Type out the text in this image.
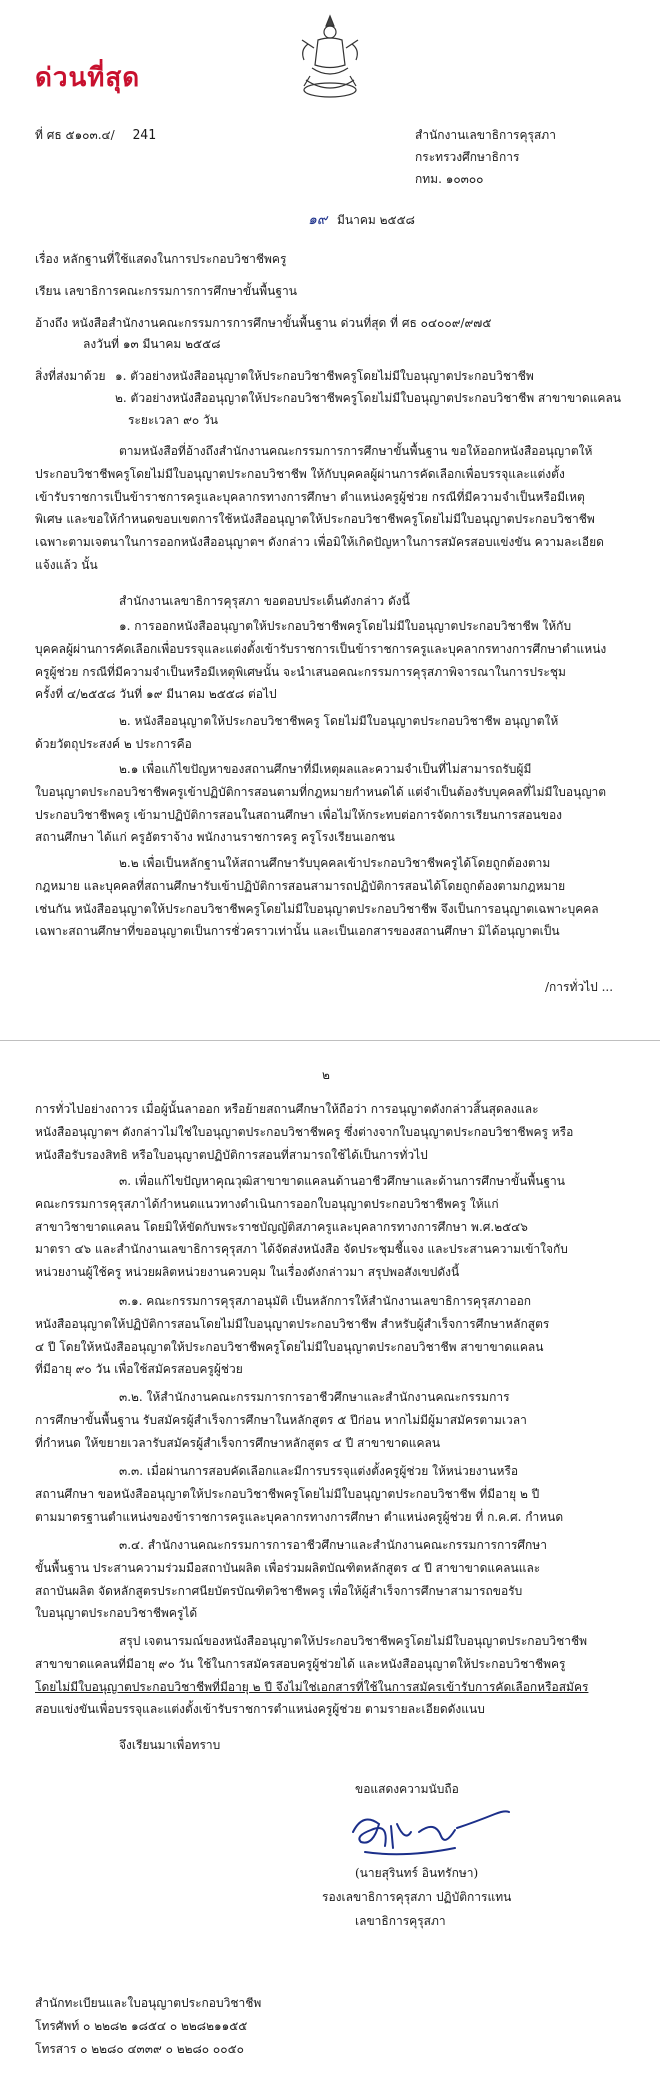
ด่วนที่สุด
ที่ ศธ ๕๑๐๓.๔/ 241	สำนักงานเลขาธิการคุรุสภา
กระทรวงศึกษาธิการ
กทม. ๑๐๓๐๐
๑๙ มีนาคม ๒๕๕๘
เรื่อง หลักฐานที่ใช้แสดงในการประกอบวิชาชีพครู
เรียน เลขาธิการคณะกรรมการการศึกษาขั้นพื้นฐาน
อ้างถึง หนังสือสำนักงานคณะกรรมการการศึกษาขั้นพื้นฐาน ด่วนที่สุด ที่ ศธ ๐๔๐๐๙/๙๗๕
ลงวันที่ ๑๓ มีนาคม ๒๕๕๘
สิ่งที่ส่งมาด้วย ๑. ตัวอย่างหนังสืออนุญาตให้ประกอบวิชาชีพครูโดยไม่มีใบอนุญาตประกอบวิชาชีพ
๒. ตัวอย่างหนังสืออนุญาตให้ประกอบวิชาชีพครูโดยไม่มีใบอนุญาตประกอบวิชาชีพ สาขาขาดแคลน
ระยะเวลา ๙๐ วัน
ตามหนังสือที่อ้างถึงสำนักงานคณะกรรมการการศึกษาขั้นพื้นฐาน ขอให้ออกหนังสืออนุญาตให้
ประกอบวิชาชีพครูโดยไม่มีใบอนุญาตประกอบวิชาชีพ ให้กับบุคคลผู้ผ่านการคัดเลือกเพื่อบรรจุและแต่งตั้ง
เข้ารับราชการเป็นข้าราชการครูและบุคลากรทางการศึกษา ตำแหน่งครูผู้ช่วย กรณีที่มีความจำเป็นหรือมีเหตุ
พิเศษ และขอให้กำหนดขอบเขตการใช้หนังสืออนุญาตให้ประกอบวิชาชีพครูโดยไม่มีใบอนุญาตประกอบวิชาชีพ
เฉพาะตามเจตนาในการออกหนังสืออนุญาตฯ ดังกล่าว เพื่อมิให้เกิดปัญหาในการสมัครสอบแข่งขัน ความละเอียด
แจ้งแล้ว นั้น
สำนักงานเลขาธิการคุรุสภา ขอตอบประเด็นดังกล่าว ดังนี้
๑. การออกหนังสืออนุญาตให้ประกอบวิชาชีพครูโดยไม่มีใบอนุญาตประกอบวิชาชีพ ให้กับ
บุคคลผู้ผ่านการคัดเลือกเพื่อบรรจุและแต่งตั้งเข้ารับราชการเป็นข้าราชการครูและบุคลากรทางการศึกษาตำแหน่ง
ครูผู้ช่วย กรณีที่มีความจำเป็นหรือมีเหตุพิเศษนั้น จะนำเสนอคณะกรรมการคุรุสภาพิจารณาในการประชุม
ครั้งที่ ๔/๒๕๕๘ วันที่ ๑๙ มีนาคม ๒๕๕๘ ต่อไป
๒. หนังสืออนุญาตให้ประกอบวิชาชีพครู โดยไม่มีใบอนุญาตประกอบวิชาชีพ อนุญาตให้
ด้วยวัตถุประสงค์ ๒ ประการคือ
๒.๑ เพื่อแก้ไขปัญหาของสถานศึกษาที่มีเหตุผลและความจำเป็นที่ไม่สามารถรับผู้มี
ใบอนุญาตประกอบวิชาชีพครูเข้าปฏิบัติการสอนตามที่กฎหมายกำหนดได้ แต่จำเป็นต้องรับบุคคลที่ไม่มีใบอนุญาต
ประกอบวิชาชีพครู เข้ามาปฏิบัติการสอนในสถานศึกษา เพื่อไม่ให้กระทบต่อการจัดการเรียนการสอนของ
สถานศึกษา ได้แก่ ครูอัตราจ้าง พนักงานราชการครู ครูโรงเรียนเอกชน
๒.๒ เพื่อเป็นหลักฐานให้สถานศึกษารับบุคคลเข้าประกอบวิชาชีพครูได้โดยถูกต้องตาม
กฎหมาย และบุคคลที่สถานศึกษารับเข้าปฏิบัติการสอนสามารถปฏิบัติการสอนได้โดยถูกต้องตามกฎหมาย
เช่นกัน หนังสืออนุญาตให้ประกอบวิชาชีพครูโดยไม่มีใบอนุญาตประกอบวิชาชีพ จึงเป็นการอนุญาตเฉพาะบุคคล
เฉพาะสถานศึกษาที่ขออนุญาตเป็นการชั่วคราวเท่านั้น และเป็นเอกสารของสถานศึกษา มิได้อนุญาตเป็น
/การทั่วไป ...
๒
การทั่วไปอย่างถาวร เมื่อผู้นั้นลาออก หรือย้ายสถานศึกษาให้ถือว่า การอนุญาตดังกล่าวสิ้นสุดลงและ
หนังสืออนุญาตฯ ดังกล่าวไม่ใช่ใบอนุญาตประกอบวิชาชีพครู ซึ่งต่างจากใบอนุญาตประกอบวิชาชีพครู หรือ
หนังสือรับรองสิทธิ หรือใบอนุญาตปฏิบัติการสอนที่สามารถใช้ได้เป็นการทั่วไป
๓. เพื่อแก้ไขปัญหาคุณวุฒิสาขาขาดแคลนด้านอาชีวศึกษาและด้านการศึกษาขั้นพื้นฐาน
คณะกรรมการคุรุสภาได้กำหนดแนวทางดำเนินการออกใบอนุญาตประกอบวิชาชีพครู ให้แก่
สาขาวิชาขาดแคลน โดยมิให้ขัดกับพระราชบัญญัติสภาครูและบุคลากรทางการศึกษา พ.ศ.๒๕๔๖
มาตรา ๔๖ และสำนักงานเลขาธิการคุรุสภา ได้จัดส่งหนังสือ จัดประชุมชี้แจง และประสานความเข้าใจกับ
หน่วยงานผู้ใช้ครู หน่วยผลิตหน่วยงานควบคุม ในเรื่องดังกล่าวมา สรุปพอสังเขปดังนี้
๓.๑. คณะกรรมการคุรุสภาอนุมัติ เป็นหลักการให้สำนักงานเลขาธิการคุรุสภาออก
หนังสืออนุญาตให้ปฏิบัติการสอนโดยไม่มีใบอนุญาตประกอบวิชาชีพ สำหรับผู้สำเร็จการศึกษาหลักสูตร
๔ ปี โดยให้หนังสืออนุญาตให้ประกอบวิชาชีพครูโดยไม่มีใบอนุญาตประกอบวิชาชีพ สาขาขาดแคลน
ที่มีอายุ ๙๐ วัน เพื่อใช้สมัครสอบครูผู้ช่วย
๓.๒. ให้สำนักงานคณะกรรมการการอาชีวศึกษาและสำนักงานคณะกรรมการ
การศึกษาขั้นพื้นฐาน รับสมัครผู้สำเร็จการศึกษาในหลักสูตร ๕ ปีก่อน หากไม่มีผู้มาสมัครตามเวลา
ที่กำหนด ให้ขยายเวลารับสมัครผู้สำเร็จการศึกษาหลักสูตร ๔ ปี สาขาขาดแคลน
๓.๓. เมื่อผ่านการสอบคัดเลือกและมีการบรรจุแต่งตั้งครูผู้ช่วย ให้หน่วยงานหรือ
สถานศึกษา ขอหนังสืออนุญาตให้ประกอบวิชาชีพครูโดยไม่มีใบอนุญาตประกอบวิชาชีพ ที่มีอายุ ๒ ปี
ตามมาตรฐานตำแหน่งของข้าราชการครูและบุคลากรทางการศึกษา ตำแหน่งครูผู้ช่วย ที่ ก.ค.ศ. กำหนด
๓.๔. สำนักงานคณะกรรมการการอาชีวศึกษาและสำนักงานคณะกรรมการการศึกษา
ขั้นพื้นฐาน ประสานความร่วมมือสถาบันผลิต เพื่อร่วมผลิตบัณฑิตหลักสูตร ๔ ปี สาขาขาดแคลนและ
สถาบันผลิต จัดหลักสูตรประกาศนียบัตรบัณฑิตวิชาชีพครู เพื่อให้ผู้สำเร็จการศึกษาสามารถขอรับ
ใบอนุญาตประกอบวิชาชีพครูได้
สรุป เจตนารมณ์ของหนังสืออนุญาตให้ประกอบวิชาชีพครูโดยไม่มีใบอนุญาตประกอบวิชาชีพ
สาขาขาดแคลนที่มีอายุ ๙๐ วัน ใช้ในการสมัครสอบครูผู้ช่วยได้ และหนังสืออนุญาตให้ประกอบวิชาชีพครู
โดยไม่มีใบอนุญาตประกอบวิชาชีพที่มีอายุ ๒ ปี จึงไม่ใช่เอกสารที่ใช้ในการสมัครเข้ารับการคัดเลือกหรือสมัคร
สอบแข่งขันเพื่อบรรจุและแต่งตั้งเข้ารับราชการตำแหน่งครูผู้ช่วย ตามรายละเอียดดังแนบ
จึงเรียนมาเพื่อทราบ
ขอแสดงความนับถือ
(นายสุรินทร์ อินทรักษา)
รองเลขาธิการคุรุสภา ปฏิบัติการแทน
เลขาธิการคุรุสภา
สำนักทะเบียนและใบอนุญาตประกอบวิชาชีพ
โทรศัพท์ ๐ ๒๒๘๒ ๑๘๕๔ ๐ ๒๒๘๒๑๑๕๕
โทรสาร ๐ ๒๒๘๐ ๔๓๓๙ ๐ ๒๒๘๐ ๐๐๕๐
